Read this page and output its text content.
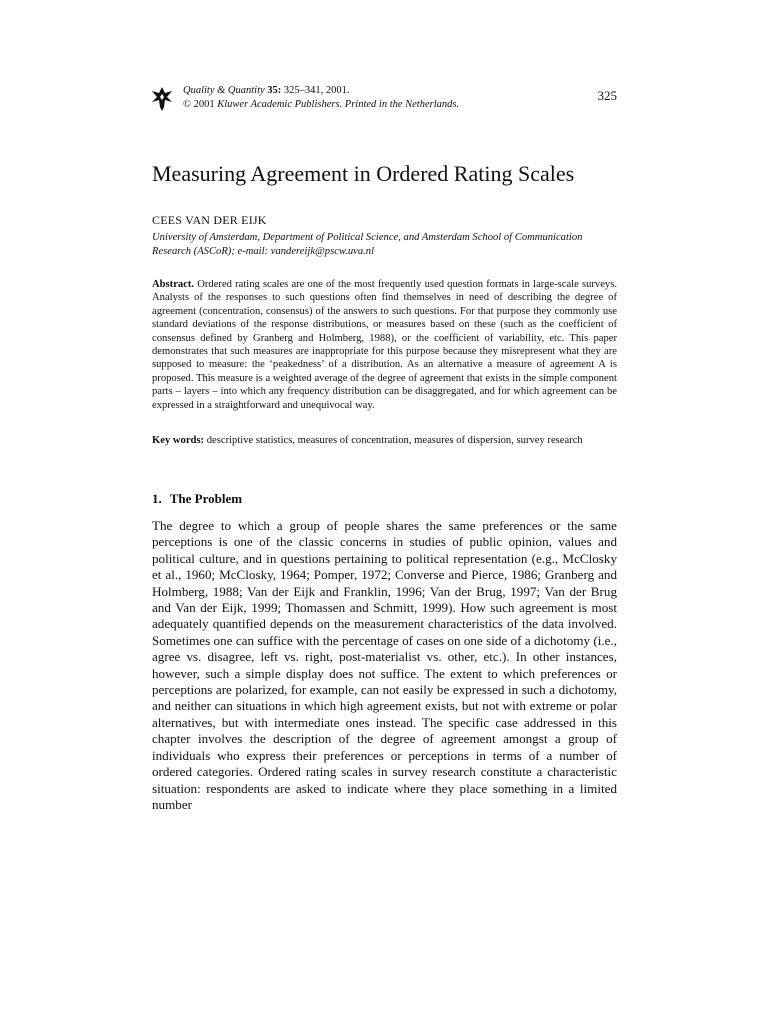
Quality & Quantity 35: 325–341, 2001.
© 2001 Kluwer Academic Publishers. Printed in the Netherlands.
325
Measuring Agreement in Ordered Rating Scales
CEES VAN DER EIJK
University of Amsterdam, Department of Political Science, and Amsterdam School of Communication Research (ASCoR); e-mail: vandereijk@pscw.uva.nl
Abstract. Ordered rating scales are one of the most frequently used question formats in large-scale surveys. Analysts of the responses to such questions often find themselves in need of describing the degree of agreement (concentration, consensus) of the answers to such questions. For that purpose they commonly use standard deviations of the response distributions, or measures based on these (such as the coefficient of consensus defined by Granberg and Holmberg, 1988), or the coefficient of variability, etc. This paper demonstrates that such measures are inappropriate for this purpose because they misrepresent what they are supposed to measure: the ‘peakedness’ of a distribution. As an alternative a measure of agreement A is proposed. This measure is a weighted average of the degree of agreement that exists in the simple component parts – layers – into which any frequency distribution can be disaggregated, and for which agreement can be expressed in a straightforward and unequivocal way.
Key words: descriptive statistics, measures of concentration, measures of dispersion, survey research
1. The Problem
The degree to which a group of people shares the same preferences or the same perceptions is one of the classic concerns in studies of public opinion, values and political culture, and in questions pertaining to political representation (e.g., McClosky et al., 1960; McClosky, 1964; Pomper, 1972; Converse and Pierce, 1986; Granberg and Holmberg, 1988; Van der Eijk and Franklin, 1996; Van der Brug, 1997; Van der Brug and Van der Eijk, 1999; Thomassen and Schmitt, 1999). How such agreement is most adequately quantified depends on the measurement characteristics of the data involved. Sometimes one can suffice with the percentage of cases on one side of a dichotomy (i.e., agree vs. disagree, left vs. right, post-materialist vs. other, etc.). In other instances, however, such a simple display does not suffice. The extent to which preferences or perceptions are polarized, for example, can not easily be expressed in such a dichotomy, and neither can situations in which high agreement exists, but not with extreme or polar alternatives, but with intermediate ones instead. The specific case addressed in this chapter involves the description of the degree of agreement amongst a group of individuals who express their preferences or perceptions in terms of a number of ordered categories. Ordered rating scales in survey research constitute a characteristic situation: respondents are asked to indicate where they place something in a limited number
